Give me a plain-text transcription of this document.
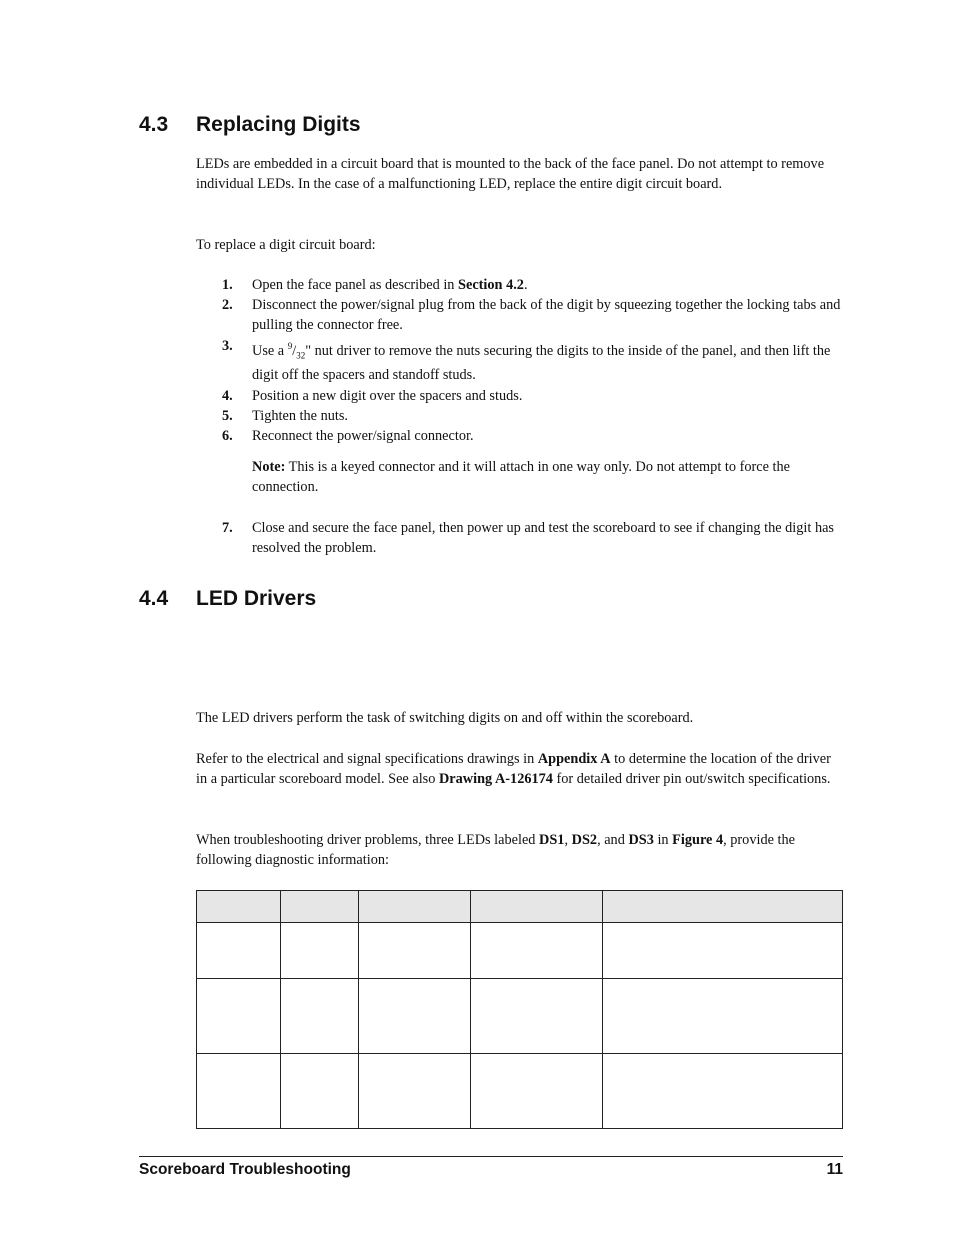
4.3 Replacing Digits
LEDs are embedded in a circuit board that is mounted to the back of the face panel. Do not attempt to remove individual LEDs. In the case of a malfunctioning LED, replace the entire digit circuit board.
To replace a digit circuit board:
1.	Open the face panel as described in Section 4.2.
2.	Disconnect the power/signal plug from the back of the digit by squeezing together the locking tabs and pulling the connector free.
3.	Use a $^9/_{32}$" nut driver to remove the nuts securing the digits to the inside of the panel, and then lift the digit off the spacers and standoff studs.
4.	Position a new digit over the spacers and studs.
5.	Tighten the nuts.
6.	Reconnect the power/signal connector.
Note: This is a keyed connector and it will attach in one way only. Do not attempt to force the connection.
7.	Close and secure the face panel, then power up and test the scoreboard to see if changing the digit has resolved the problem.
4.4 LED Drivers
The LED drivers perform the task of switching digits on and off within the scoreboard.
Refer to the electrical and signal specifications drawings in Appendix A to determine the location of the driver in a particular scoreboard model. See also Drawing A-126174 for detailed driver pin out/switch specifications.
When troubleshooting driver problems, three LEDs labeled DS1, DS2, and DS3 in Figure 4, provide the following diagnostic information:

Scoreboard Troubleshooting	11
